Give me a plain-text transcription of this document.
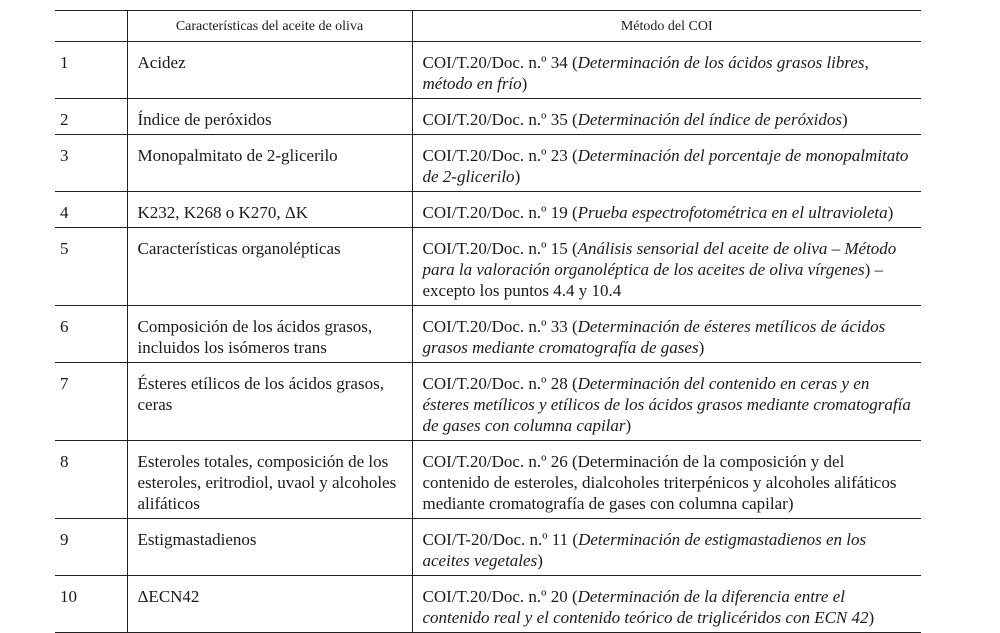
	Características del aceite de oliva	Método del COI
1	Acidez	COI/T.20/Doc. n.º 34 (Determinación de los ácidos grasos libres, método en frío)
2	Índice de peróxidos	COI/T.20/Doc. n.º 35 (Determinación del índice de peróxidos)
3	Monopalmitato de 2-glicerilo	COI/T.20/Doc. n.º 23 (Determinación del porcentaje de monopalmitato de 2-glicerilo)
4	K232, K268 o K270, ΔK	COI/T.20/Doc. n.º 19 (Prueba espectrofotométrica en el ultravioleta)
5	Características organolépticas	COI/T.20/Doc. n.º 15 (Análisis sensorial del aceite de oliva – Método para la valoración organoléptica de los aceites de oliva vírgenes) – excepto los puntos 4.4 y 10.4
6	Composición de los ácidos grasos, incluidos los isómeros trans	COI/T.20/Doc. n.º 33 (Determinación de ésteres metílicos de ácidos grasos mediante cromatografía de gases)
7	Ésteres etílicos de los ácidos grasos, ceras	COI/T.20/Doc. n.º 28 (Determinación del contenido en ceras y en ésteres metílicos y etílicos de los ácidos grasos mediante cromatografía de gases con columna capilar)
8	Esteroles totales, composición de los esteroles, eritrodiol, uvaol y alcoholes alifáticos	COI/T.20/Doc. n.º 26 (Determinación de la composición y del contenido de esteroles, dialcoholes triterpénicos y alcoholes alifáticos mediante cromatografía de gases con columna capilar)
9	Estigmastadienos	COI/T-20/Doc. n.º 11 (Determinación de estigmastadienos en los aceites vegetales)
10	ΔECN42	COI/T.20/Doc. n.º 20 (Determinación de la diferencia entre el contenido real y el contenido teórico de triglicéridos con ECN 42)
